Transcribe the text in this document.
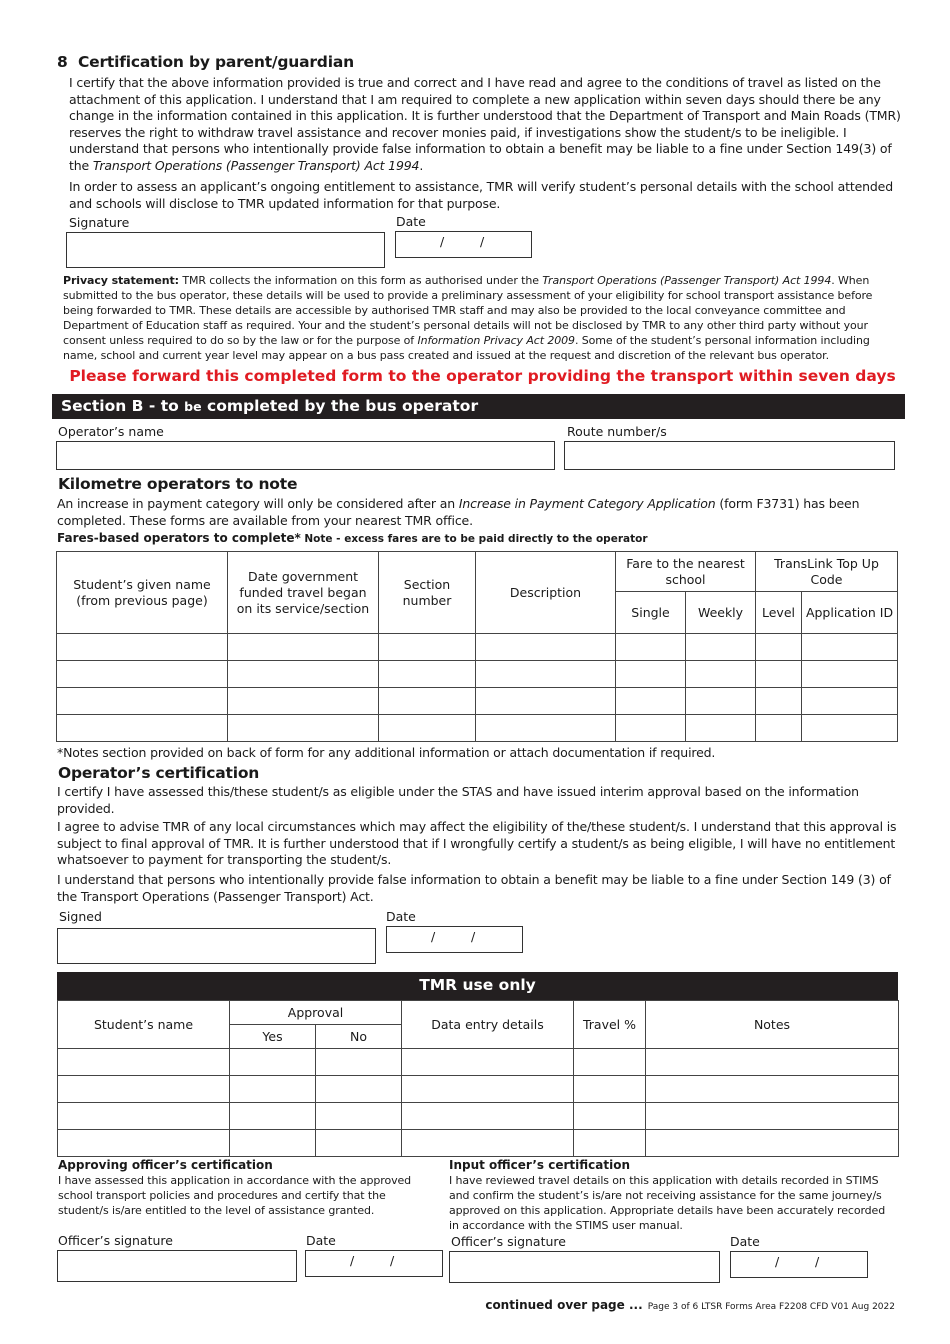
8 Certification by parent/guardian
I certify that the above information provided is true and correct and I have read and agree to the conditions of travel as listed on the attachment of this application. I understand that I am required to complete a new application within seven days should there be any change in the information contained in this application. It is further understood that the Department of Transport and Main Roads (TMR) reserves the right to withdraw travel assistance and recover monies paid, if investigations show the student/s to be ineligible. I understand that persons who intentionally provide false information to obtain a benefit may be liable to a fine under Section 149(3) of the Transport Operations (Passenger Transport) Act 1994.
In order to assess an applicant’s ongoing entitlement to assistance, TMR will verify student’s personal details with the school attended and schools will disclose to TMR updated information for that purpose.
Signature	Date
/	/
Privacy statement: TMR collects the information on this form as authorised under the Transport Operations (Passenger Transport) Act 1994. When submitted to the bus operator, these details will be used to provide a preliminary assessment of your eligibility for school transport assistance before being forwarded to TMR. These details are accessible by authorised TMR staff and may also be provided to the local conveyance committee and Department of Education staff as required. Your and the student’s personal details will not be disclosed by TMR to any other third party without your consent unless required to do so by the law or for the purpose of Information Privacy Act 2009. Some of the student’s personal information including name, school and current year level may appear on a bus pass created and issued at the request and discretion of the relevant bus operator.
Please forward this completed form to the operator providing the transport within seven days
Section B - to be completed by the bus operator
Operator’s name	Route number/s
Kilometre operators to note
An increase in payment category will only be considered after an Increase in Payment Category Application (form F3731) has been completed. These forms are available from your nearest TMR office.
Fares-based operators to complete* Note - excess fares are to be paid directly to the operator
Student’s given name (from previous page)	Date government funded travel began on its service/section	Section number	Description	Fare to the nearest school		TransLink Top Up Code	
				Single	Weekly	Level	Application ID

*Notes section provided on back of form for any additional information or attach documentation if required.
Operator’s certification
I certify I have assessed this/these student/s as eligible under the STAS and have issued interim approval based on the information provided.
I agree to advise TMR of any local circumstances which may affect the eligibility of the/these student/s. I understand that this approval is subject to final approval of TMR. It is further understood that if I wrongfully certify a student/s as being eligible, I will have no entitlement whatsoever to payment for transporting the student/s.
I understand that persons who intentionally provide false information to obtain a benefit may be liable to a fine under Section 149 (3) of the Transport Operations (Passenger Transport) Act.
Signed	Date
/	/
TMR use only
Student’s name	Approval		Data entry details	Travel %	Notes
	Yes	No			

Approving officer’s certification
I have assessed this application in accordance with the approved school transport policies and procedures and certify that the student/s is/are entitled to the level of assistance granted.
Officer’s signature	Date
/	/
Input officer’s certification
I have reviewed travel details on this application with details recorded in STIMS and confirm the student’s is/are not receiving assistance for the same journey/s approved on this application. Appropriate details have been accurately recorded in accordance with the STIMS user manual.
Officer’s signature	Date
/	/
continued over page ... Page 3 of 6 LTSR Forms Area F2208 CFD V01 Aug 2022
